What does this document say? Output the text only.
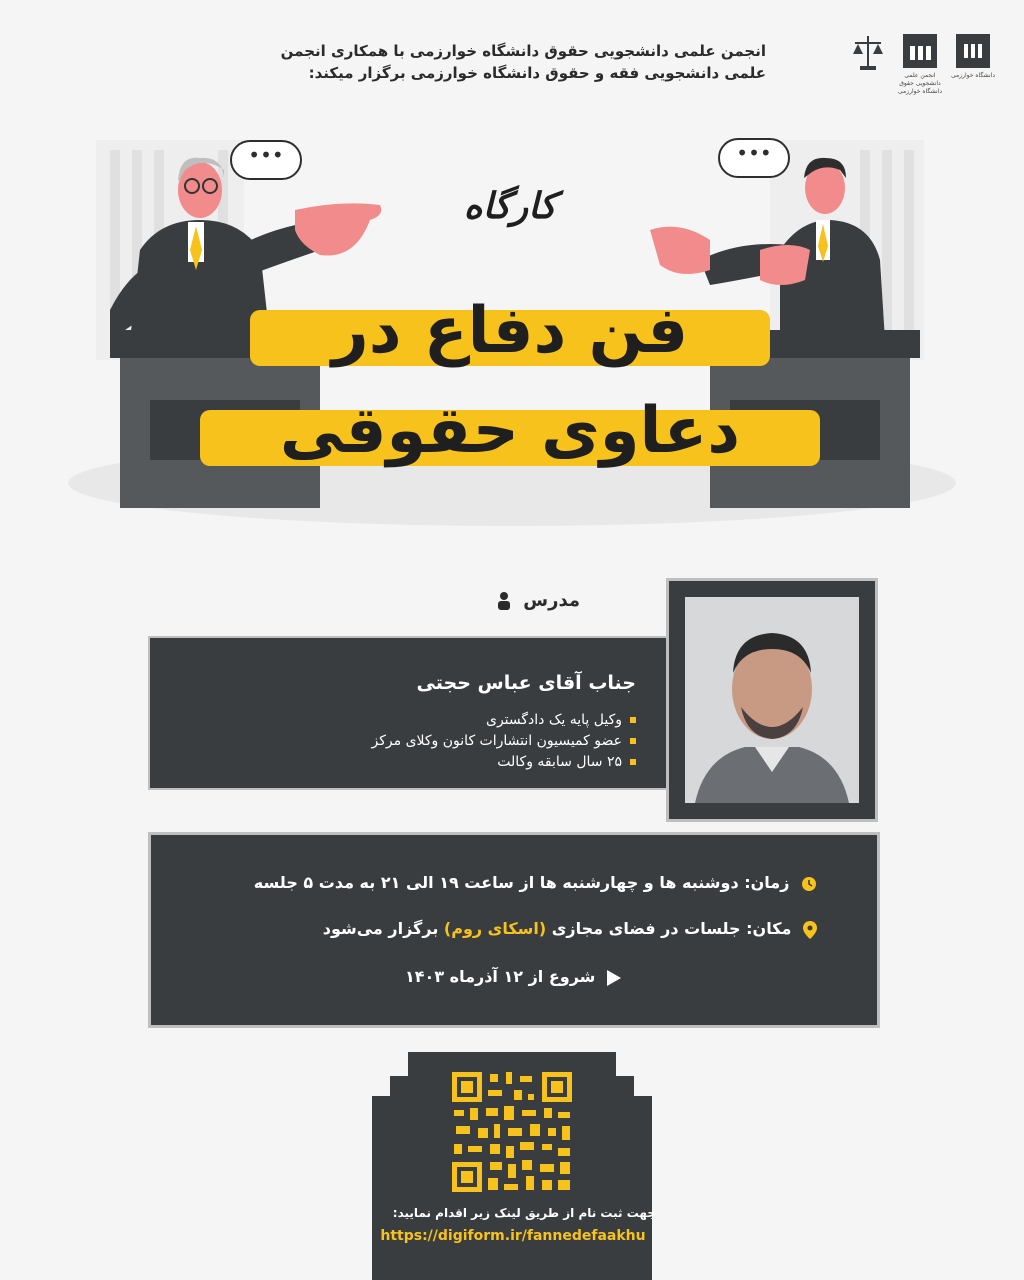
انجمن علمی دانشجویی حقوق دانشگاه خوارزمی با همکاری انجمن
علمی دانشجویی فقه و حقوق دانشگاه خوارزمی برگزار میکند:	دانشگاه خوارزمی
انجمن علمی دانشجویی حقوق دانشگاه خوارزمی
•••	•••
کارگاه
فن دفاع در
دعاوی حقوقی
مدرس
جناب آقای عباس حجتی
وکیل پایه یک دادگستری
عضو کمیسیون انتشارات کانون وکلای مرکز
۲۵ سال سابقه وکالت
زمان: دوشنبه ها و چهارشنبه ها از ساعت ۱۹ الی ۲۱ به مدت ۵ جلسه
مکان: جلسات در فضای مجازی (اسکای روم) برگزار می‌شود
شروع از ۱۲ آذرماه ۱۴۰۳
جهت ثبت نام از طریق لینک زیر اقدام نمایید:
https://digiform.ir/fannedefaakhu
